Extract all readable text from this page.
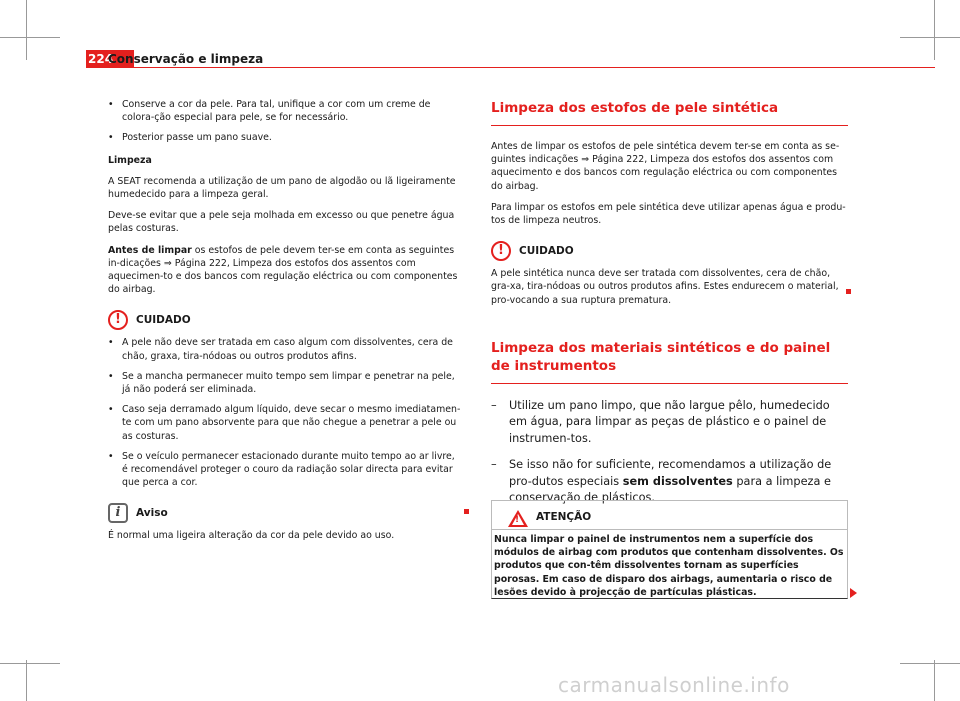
224
Conservação e limpeza
• Conserve a cor da pele. Para tal, unifique a cor com um creme de colora-ção especial para pele, se for necessário.
• Posterior passe um pano suave.

Limpeza

A SEAT recomenda a utilização de um pano de algodão ou lã ligeiramente humedecido para a limpeza geral.

Deve-se evitar que a pele seja molhada em excesso ou que penetre água pelas costuras.

Antes de limpar os estofos de pele devem ter-se em conta as seguintes in-dicações ⇒ Página 222, Limpeza dos estofos dos assentos com aquecimen-to e dos bancos com regulação eléctrica ou com componentes do airbag.

! CUIDADO
• A pele não deve ser tratada em caso algum com dissolventes, cera de chão, graxa, tira-nódoas ou outros produtos afins.
• Se a mancha permanecer muito tempo sem limpar e penetrar na pele, já não poderá ser eliminada.
• Caso seja derramado algum líquido, deve secar o mesmo imediatamen-te com um pano absorvente para que não chegue a penetrar a pele ou as costuras.
• Se o veículo permanecer estacionado durante muito tempo ao ar livre, é recomendável proteger o couro da radiação solar directa para evitar que perca a cor.
i Aviso

É normal uma ligeira alteração da cor da pele devido ao uso.

Limpeza dos estofos de pele sintética

Antes de limpar os estofos de pele sintética devem ter-se em conta as se-guintes indicações ⇒ Página 222, Limpeza dos estofos dos assentos com aquecimento e dos bancos com regulação eléctrica ou com componentes do airbag.

Para limpar os estofos em pele sintética deve utilizar apenas água e produ-tos de limpeza neutros.

! CUIDADO

A pele sintética nunca deve ser tratada com dissolventes, cera de chão, gra-xa, tira-nódoas ou outros produtos afins. Estes endurecem o material, pro-vocando a sua ruptura prematura.

Limpeza dos materiais sintéticos e do painel de instrumentos

– Utilize um pano limpo, que não largue pêlo, humedecido em água, para limpar as peças de plástico e o painel de instrumen-tos.
– Se isso não for suficiente, recomendamos a utilização de pro-dutos especiais sem dissolventes para a limpeza e conservação de plásticos.
! ATENÇÃO
Nunca limpar o painel de instrumentos nem a superfície dos módulos de airbag com produtos que contenham dissolventes. Os produtos que con-têm dissolventes tornam as superfícies porosas. Em caso de disparo dos airbags, aumentaria o risco de lesões devido à projecção de partículas plásticas.
carmanualsonline.info
